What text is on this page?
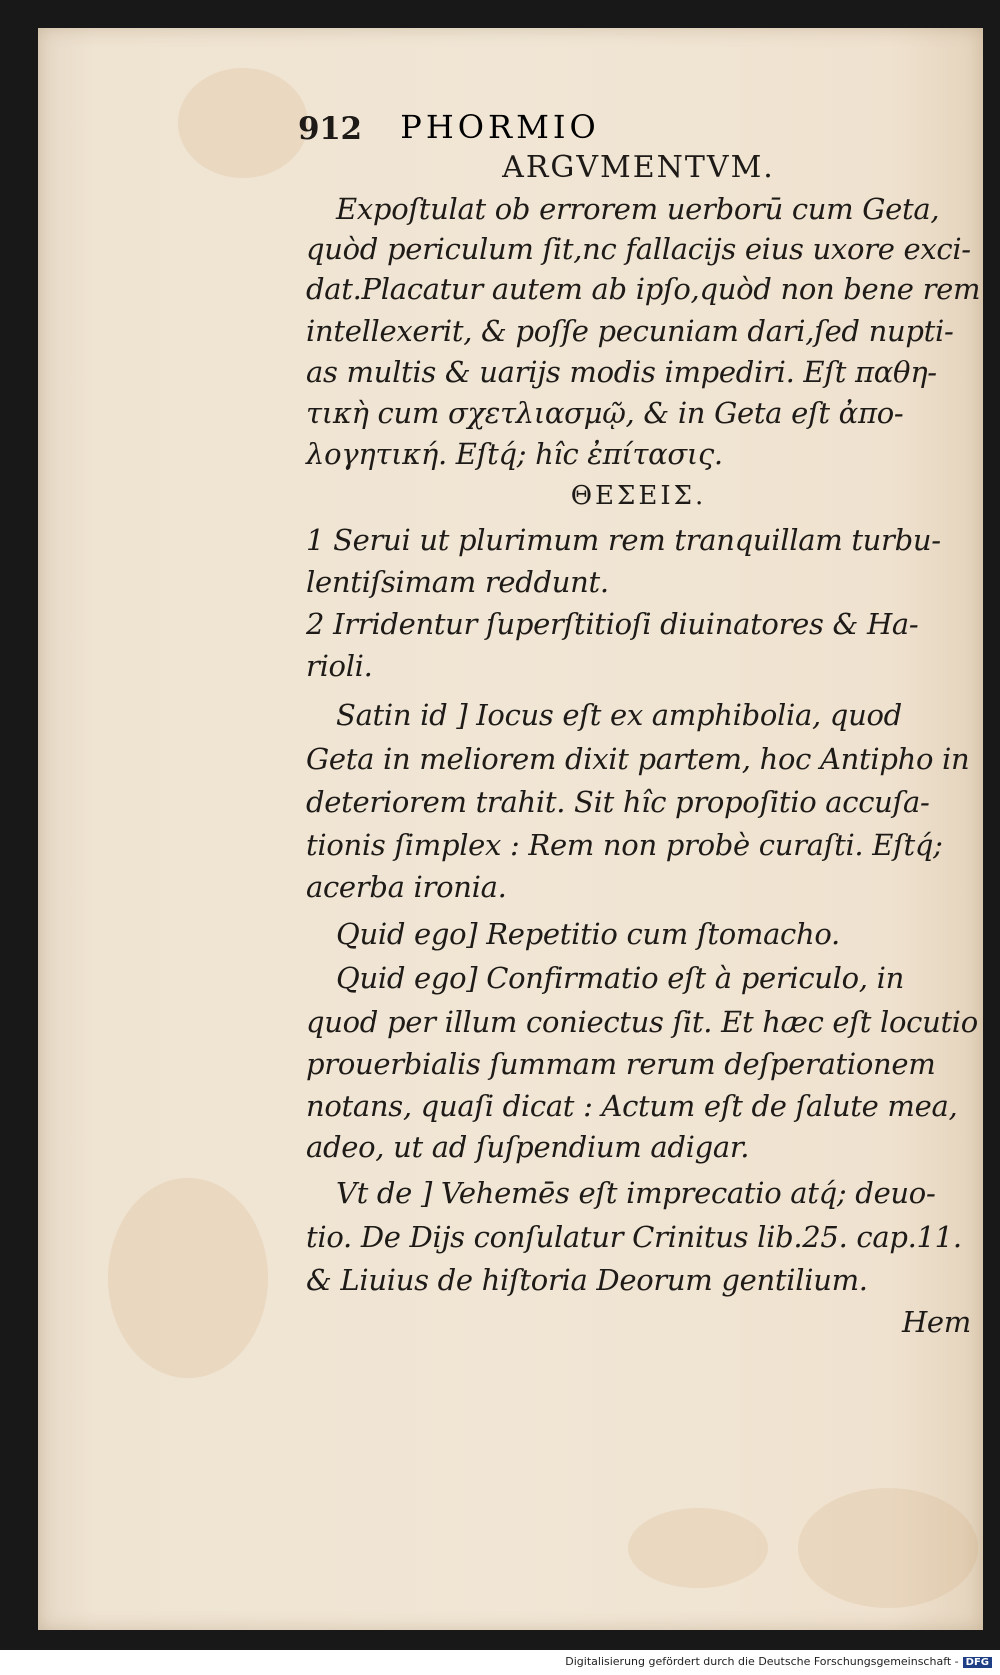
912	PHORMIO
ARGVMENTVM.
Expoſtulat ob errorem uerborū cum Geta,
quòd periculum ſit,nc fallacijs eius uxore exci-
dat.Placatur autem ab ipſo,quòd non bene rem
intellexerit, & poſſe pecuniam dari,ſed nupti-
as multis & uarijs modis impediri. Eſt παθη-
τικὴ cum σχετλιασμῷ, & in Geta eſt ἀπο-
λογητική. Eſtq́; hîc ἐπίτασις.
ΘΕΣΕΙΣ.
1 Serui ut plurimum rem tranquillam turbu-
lentiſsimam reddunt.
2 Irridentur ſuperſtitioſi diuinatores & Ha-
rioli.
Satin id ] Iocus eſt ex amphibolia, quod
Geta in meliorem dixit partem, hoc Antipho in
deteriorem trahit. Sit hîc propoſitio accuſa-
tionis ſimplex : Rem non probè curaſti. Eſtq́;
acerba ironia.
Quid ego] Repetitio cum ſtomacho.
Quid ego] Confirmatio eſt à periculo, in
quod per illum coniectus ſit. Et hæc eſt locutio
prouerbialis ſummam rerum deſperationem
notans, quaſi dicat : Actum eſt de ſalute mea,
adeo, ut ad ſuſpendium adigar.
Vt de ] Vehemēs eſt imprecatio atq́; deuo-
tio. De Dijs conſulatur Crinitus lib.25. cap.11.
& Liuius de hiſtoria Deorum gentilium.
Hem
Digitalisierung gefördert durch die Deutsche Forschungsgemeinschaft - DFG
